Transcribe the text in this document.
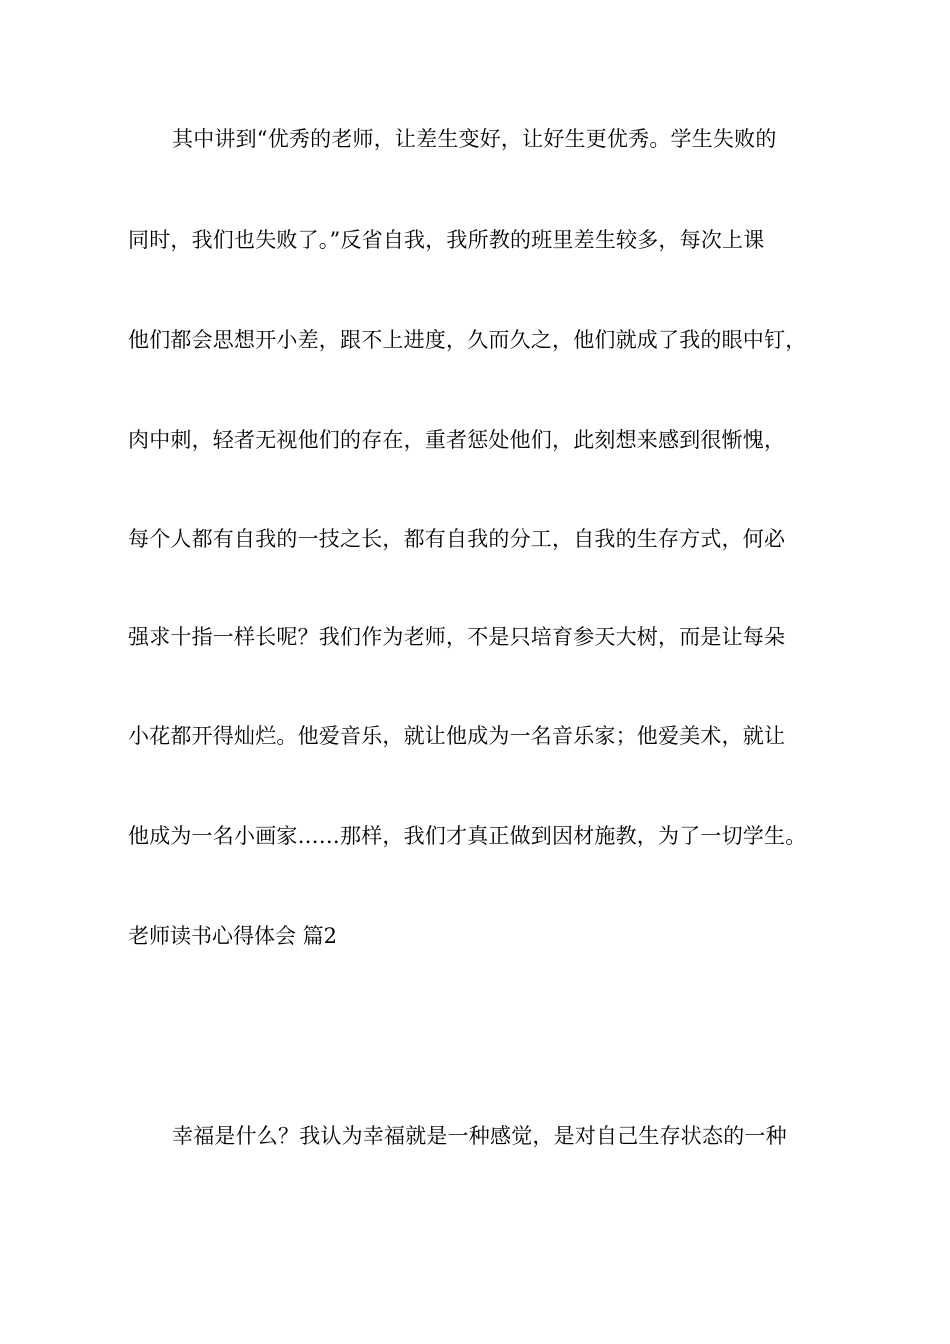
其中讲到“优秀的老师，让差生变好，让好生更优秀。学生失败的
同时，我们也失败了。”反省自我，我所教的班里差生较多，每次上课
他们都会思想开小差，跟不上进度，久而久之，他们就成了我的眼中钉，
肉中刺，轻者无视他们的存在，重者惩处他们，此刻想来感到很惭愧，
每个人都有自我的一技之长，都有自我的分工，自我的生存方式，何必
强求十指一样长呢？我们作为老师，不是只培育参天大树，而是让每朵
小花都开得灿烂。他爱音乐，就让他成为一名音乐家；他爱美术，就让
他成为一名小画家……那样，我们才真正做到因材施教，为了一切学生。
老师读书心得体会 篇2
幸福是什么？我认为幸福就是一种感觉，是对自己生存状态的一种
